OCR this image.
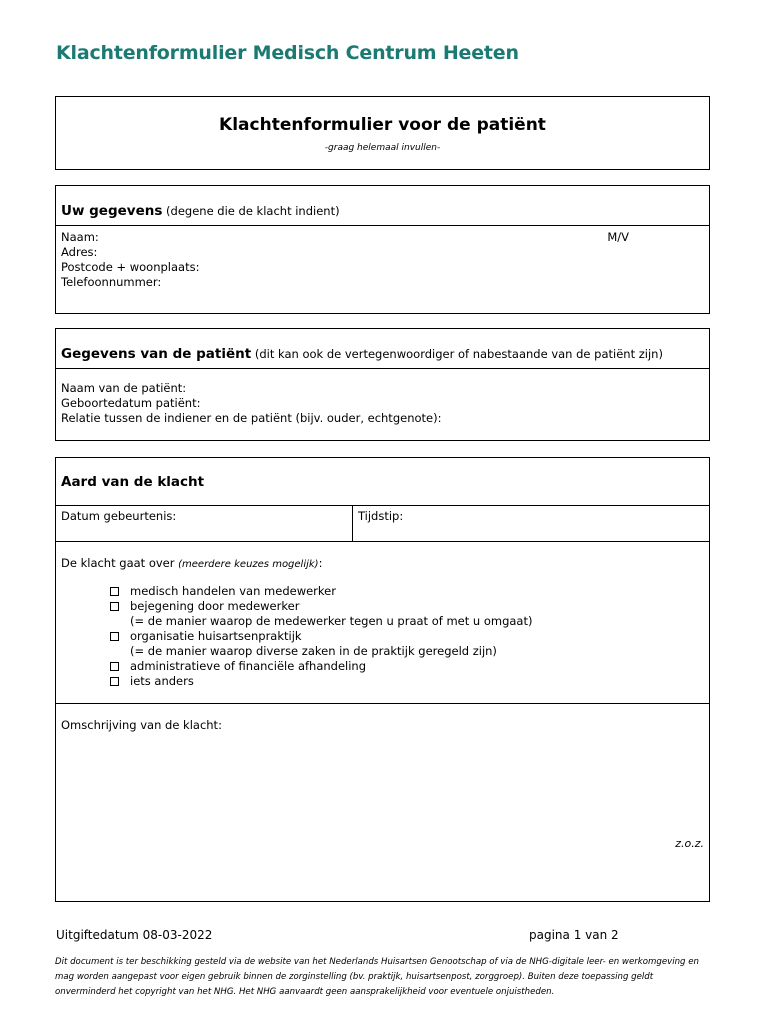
Klachtenformulier Medisch Centrum Heeten
Klachtenformulier voor de patiënt
-graag helemaal invullen-
Uw gegevens (degene die de klacht indient)
Naam:
Adres:
Postcode + woonplaats:
Telefoonnummer:
M/V
Gegevens van de patiënt (dit kan ook de vertegenwoordiger of nabestaande van de patiënt zijn)
Naam van de patiënt:
Geboortedatum patiënt:
Relatie tussen de indiener en de patiënt (bijv. ouder, echtgenote):
Aard van de klacht
Datum gebeurtenis:	Tijdstip:
De klacht gaat over (meerdere keuzes mogelijk):
medisch handelen van medewerker
bejegening door medewerker
(= de manier waarop de medewerker tegen u praat of met u omgaat)
organisatie huisartsenpraktijk
(= de manier waarop diverse zaken in de praktijk geregeld zijn)
administratieve of financiële afhandeling
iets anders
Omschrijving van de klacht:
z.o.z.
Uitgiftedatum 08-03-2022	pagina 1 van 2
Dit document is ter beschikking gesteld via de website van het Nederlands Huisartsen Genootschap of via de NHG-digitale leer- en werkomgeving en mag worden aangepast voor eigen gebruik binnen de zorginstelling (bv. praktijk, huisartsenpost, zorggroep). Buiten deze toepassing geldt onverminderd het copyright van het NHG. Het NHG aanvaardt geen aansprakelijkheid voor eventuele onjuistheden.
